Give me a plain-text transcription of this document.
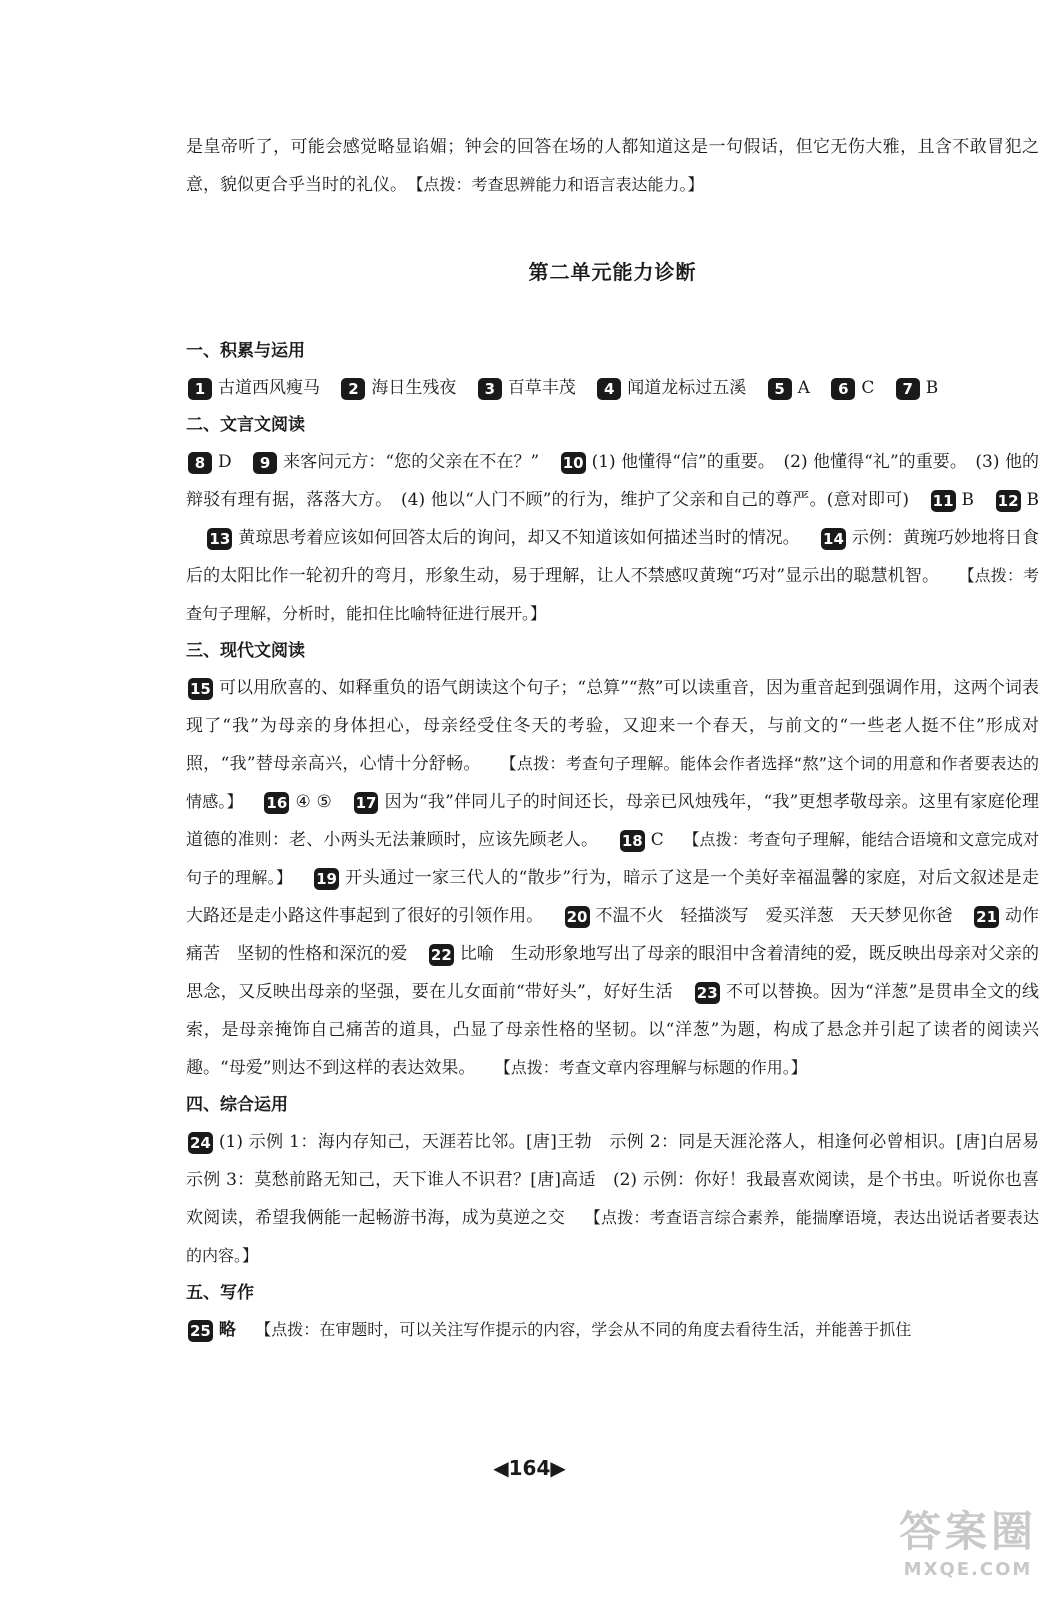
是皇帝听了，可能会感觉略显谄媚；钟会的回答在场的人都知道这是一句假话，但它无伤大雅，且含不敢冒犯之意，貌似更合乎当时的礼仪。　 【点拨：考查思辨能力和语言表达能力。】
第二单元能力诊断
一、积累与运用
1 古道西风瘦马 2 海日生残夜 3 百草丰茂 4 闻道龙标过五溪 5 A 6 C 7 B
二、文言文阅读
8 D 9 来客问元方：“您的父亲在不在？” 10 (1) 他懂得“信”的重要。　(2) 他懂得“礼”的重要。　(3) 他的辩驳有理有据，落落大方。　(4) 他以“人门不顾”的行为，维护了父亲和自己的尊严。(意对即可) 11 B 12 B 13 黄琼思考着应该如何回答太后的询问，却又不知道该如何描述当时的情况。 14 示例：黄琬巧妙地将日食后的太阳比作一轮初升的弯月，形象生动，易于理解，让人不禁感叹黄琬“巧对”显示出的聪慧机智。 【点拨：考查句子理解，分析时，能扣住比喻特征进行展开。】
三、现代文阅读
15 可以用欣喜的、如释重负的语气朗读这个句子；“总算”“熬”可以读重音，因为重音起到强调作用，这两个词表现了“我”为母亲的身体担心，母亲经受住冬天的考验，又迎来一个春天，与前文的“一些老人挺不住”形成对照，“我”替母亲高兴，心情十分舒畅。 【点拨：考查句子理解。能体会作者选择“熬”这个词的用意和作者要表达的情感。】 16 ④ ⑤ 17 因为“我”伴同儿子的时间还长，母亲已风烛残年，“我”更想孝敬母亲。这里有家庭伦理道德的准则：老、小两头无法兼顾时，应该先顾老人。 18 C 【点拨：考查句子理解，能结合语境和文意完成对句子的理解。】 19 开头通过一家三代人的“散步”行为，暗示了这是一个美好幸福温馨的家庭，对后文叙述是走大路还是走小路这件事起到了很好的引领作用。 20 不温不火　轻描淡写　爱买洋葱　天天梦见你爸 21 动作　痛苦　坚韧的性格和深沉的爱 22 比喻　生动形象地写出了母亲的眼泪中含着清纯的爱，既反映出母亲对父亲的思念，又反映出母亲的坚强，要在儿女面前“带好头”，好好生活 23 不可以替换。因为“洋葱”是贯串全文的线索，是母亲掩饰自己痛苦的道具，凸显了母亲性格的坚韧。以“洋葱”为题，构成了悬念并引起了读者的阅读兴趣。“母爱”则达不到这样的表达效果。 【点拨：考查文章内容理解与标题的作用。】
四、综合运用
24 (1) 示例 1：海内存知己，天涯若比邻。[唐]王勃　示例 2：同是天涯沦落人，相逢何必曾相识。[唐]白居易　示例 3：莫愁前路无知己，天下谁人不识君？[唐]高适　(2) 示例：你好！我最喜欢阅读，是个书虫。听说你也喜欢阅读，希望我俩能一起畅游书海，成为莫逆之交 【点拨：考查语言综合素养，能揣摩语境，表达出说话者要表达的内容。】
五、写作
25 略 【点拨：在审题时，可以关注写作提示的内容，学会从不同的角度去看待生活，并能善于抓住
◀164▶
答案圈
MXQE.COM
